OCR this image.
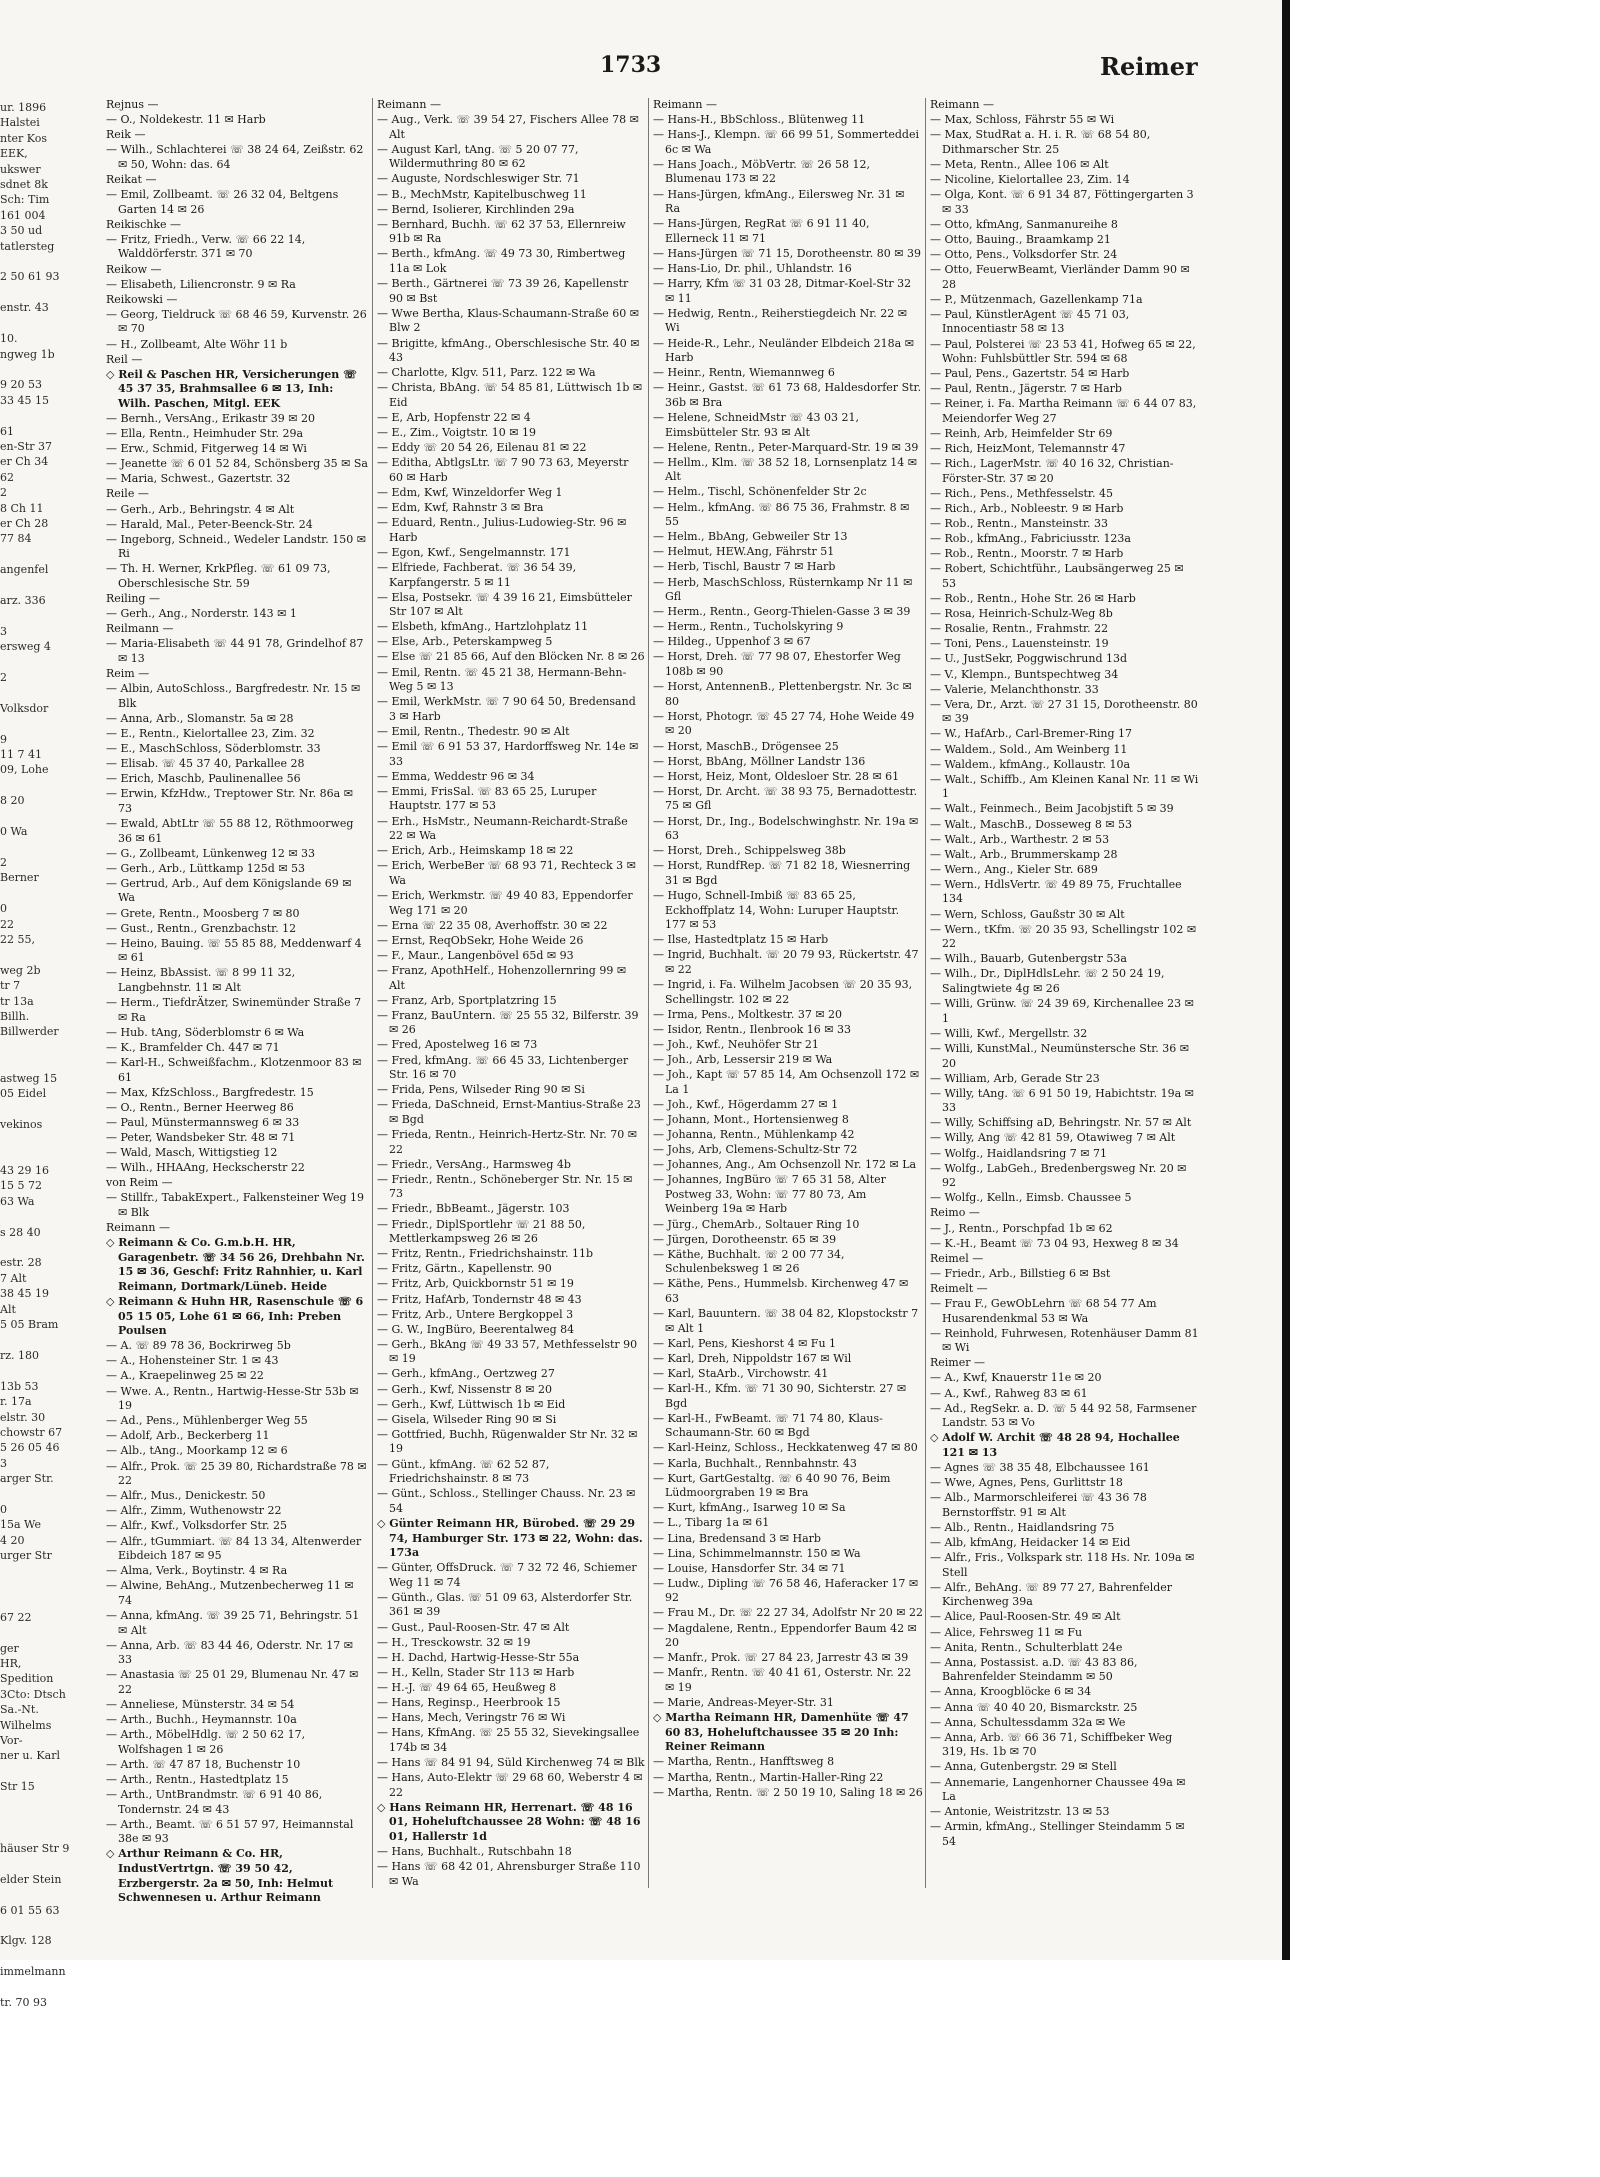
ur. 1896
Halstei
nter Kos
EEK,
ukswer
sdnet 8k
Sch: Tim
161 004
3 50 ud
tatlersteg

2 50 61 93

enstr. 43

10.
ngweg 1b

9 20 53
33 45 15

61
en-Str 37
er Ch 34
62
2
8 Ch 11
er Ch 28
77 84

angenfel

arz. 336

3
ersweg 4

2

Volksdor

9
11 7 41
09, Lohe

8 20

0 Wa

2
Berner

0
22
22 55,

weg 2b
tr 7
tr 13a
Billh.
Billwerder

astweg 15
05 Eidel

vekinos

43 29 16
15 5 72
63 Wa

s 28 40

estr. 28
7 Alt
38 45 19
Alt
5 05 Bram

rz. 180

13b 53
r. 17a
elstr. 30
chowstr 67
5 26 05 46
3
arger Str.

0
15a We
4 20
urger Str

67 22

ger
HR,
Spedition
3Cto: Dtsch
Sa.-Nt.
Wilhelms
Vor-
ner u. Karl

Str 15

häuser Str 9

elder Stein

6 01 55 63

Klgv. 128

immelmann

tr. 70 93
1733	Reimer
Rejnus —
— O., Noldekestr. 11 ✉ Harb
Reik —
— Wilh., Schlachterei ☏ 38 24 64, Zeißstr. 62 ✉ 50, Wohn: das. 64
Reikat —
— Emil, Zollbeamt. ☏ 26 32 04, Beltgens Garten 14 ✉ 26
Reikischke —
— Fritz, Friedh., Verw. ☏ 66 22 14, Walddörferstr. 371 ✉ 70
Reikow —
— Elisabeth, Liliencronstr. 9 ✉ Ra
Reikowski —
— Georg, Tieldruck ☏ 68 46 59, Kurvenstr. 26 ✉ 70
— H., Zollbeamt, Alte Wöhr 11 b
Reil —
◇ Reil & Paschen HR, Versicherungen ☏ 45 37 35, Brahmsallee 6 ✉ 13, Inh: Wilh. Paschen, Mitgl. EEK
— Bernh., VersAng., Erikastr 39 ✉ 20
— Ella, Rentn., Heimhuder Str. 29a
— Erw., Schmid, Fitgerweg 14 ✉ Wi
— Jeanette ☏ 6 01 52 84, Schönsberg 35 ✉ Sa
— Maria, Schwest., Gazertstr. 32
Reile —
— Gerh., Arb., Behringstr. 4 ✉ Alt
— Harald, Mal., Peter-Beenck-Str. 24
— Ingeborg, Schneid., Wedeler Landstr. 150 ✉ Ri
— Th. H. Werner, KrkPfleg. ☏ 61 09 73, Oberschlesische Str. 59
Reiling —
— Gerh., Ang., Norderstr. 143 ✉ 1
Reilmann —
— Maria-Elisabeth ☏ 44 91 78, Grindelhof 87 ✉ 13
Reim —
— Albin, AutoSchloss., Bargfredestr. Nr. 15 ✉ Blk
— Anna, Arb., Slomanstr. 5a ✉ 28
— E., Rentn., Kielortallee 23, Zim. 32
— E., MaschSchloss, Söderblomstr. 33
— Elisab. ☏ 45 37 40, Parkallee 28
— Erich, Maschb, Paulinenallee 56
— Erwin, KfzHdw., Treptower Str. Nr. 86a ✉ 73
— Ewald, AbtLtr ☏ 55 88 12, Röthmoorweg 36 ✉ 61
— G., Zollbeamt, Lünkenweg 12 ✉ 33
— Gerh., Arb., Lüttkamp 125d ✉ 53
— Gertrud, Arb., Auf dem Königslande 69 ✉ Wa
— Grete, Rentn., Moosberg 7 ✉ 80
— Gust., Rentn., Grenzbachstr. 12
— Heino, Bauing. ☏ 55 85 88, Meddenwarf 4 ✉ 61
— Heinz, BbAssist. ☏ 8 99 11 32, Langbehnstr. 11 ✉ Alt
— Herm., TiefdrÄtzer, Swinemünder Straße 7 ✉ Ra
— Hub. tAng, Söderblomstr 6 ✉ Wa
— K., Bramfelder Ch. 447 ✉ 71
— Karl-H., Schweißfachm., Klotzenmoor 83 ✉ 61
— Max, KfzSchloss., Bargfredestr. 15
— O., Rentn., Berner Heerweg 86
— Paul, Münstermannsweg 6 ✉ 33
— Peter, Wandsbeker Str. 48 ✉ 71
— Wald, Masch, Wittigstieg 12
— Wilh., HHAAng, Heckscherstr 22
von Reim —
— Stillfr., TabakExpert., Falkensteiner Weg 19 ✉ Blk
Reimann —
◇ Reimann & Co. G.m.b.H. HR, Garagenbetr. ☏ 34 56 26, Drehbahn Nr. 15 ✉ 36, Geschf: Fritz Rahnhier, u. Karl Reimann, Dortmark/Lüneb. Heide
◇ Reimann & Huhn HR, Rasenschule ☏ 6 05 15 05, Lohe 61 ✉ 66, Inh: Preben Poulsen
— A. ☏ 89 78 36, Bockrirweg 5b
— A., Hohensteiner Str. 1 ✉ 43
— A., Kraepelinweg 25 ✉ 22
— Wwe. A., Rentn., Hartwig-Hesse-Str 53b ✉ 19
— Ad., Pens., Mühlenberger Weg 55
— Adolf, Arb., Beckerberg 11
— Alb., tAng., Moorkamp 12 ✉ 6
— Alfr., Prok. ☏ 25 39 80, Richardstraße 78 ✉ 22
— Alfr., Mus., Denickestr. 50
— Alfr., Zimm, Wuthenowstr 22
— Alfr., Kwf., Volksdorfer Str. 25
— Alfr., tGummiart. ☏ 84 13 34, Altenwerder Eibdeich 187 ✉ 95
— Alma, Verk., Boytinstr. 4 ✉ Ra
— Alwine, BehAng., Mutzenbecherweg 11 ✉ 74
— Anna, kfmAng. ☏ 39 25 71, Behringstr. 51 ✉ Alt
— Anna, Arb. ☏ 83 44 46, Oderstr. Nr. 17 ✉ 33
— Anastasia ☏ 25 01 29, Blumenau Nr. 47 ✉ 22
— Anneliese, Münsterstr. 34 ✉ 54
— Arth., Buchh., Heymannstr. 10a
— Arth., MöbelHdlg. ☏ 2 50 62 17, Wolfshagen 1 ✉ 26
— Arth. ☏ 47 87 18, Buchenstr 10
— Arth., Rentn., Hastedtplatz 15
— Arth., UntBrandmstr. ☏ 6 91 40 86, Tondernstr. 24 ✉ 43
— Arth., Beamt. ☏ 6 51 57 97, Heimannstal 38e ✉ 93
◇ Arthur Reimann & Co. HR, IndustVertrtgn. ☏ 39 50 42, Erzbergerstr. 2a ✉ 50, Inh: Helmut Schwennesen u. Arthur Reimann
Reimann —
— Aug., Verk. ☏ 39 54 27, Fischers Allee 78 ✉ Alt
— August Karl, tAng. ☏ 5 20 07 77, Wildermuthring 80 ✉ 62
— Auguste, Nordschleswiger Str. 71
— B., MechMstr, Kapitelbuschweg 11
— Bernd, Isolierer, Kirchlinden 29a
— Bernhard, Buchh. ☏ 62 37 53, Ellernreiw 91b ✉ Ra
— Berth., kfmAng. ☏ 49 73 30, Rimbertweg 11a ✉ Lok
— Berth., Gärtnerei ☏ 73 39 26, Kapellenstr 90 ✉ Bst
— Wwe Bertha, Klaus-Schaumann-Straße 60 ✉ Blw 2
— Brigitte, kfmAng., Oberschlesische Str. 40 ✉ 43
— Charlotte, Klgv. 511, Parz. 122 ✉ Wa
— Christa, BbAng. ☏ 54 85 81, Lüttwisch 1b ✉ Eid
— E, Arb, Hopfenstr 22 ✉ 4
— E., Zim., Voigtstr. 10 ✉ 19
— Eddy ☏ 20 54 26, Eilenau 81 ✉ 22
— Editha, AbtlgsLtr. ☏ 7 90 73 63, Meyerstr 60 ✉ Harb
— Edm, Kwf, Winzeldorfer Weg 1
— Edm, Kwf, Rahnstr 3 ✉ Bra
— Eduard, Rentn., Julius-Ludowieg-Str. 96 ✉ Harb
— Egon, Kwf., Sengelmannstr. 171
— Elfriede, Fachberat. ☏ 36 54 39, Karpfangerstr. 5 ✉ 11
— Elsa, Postsekr. ☏ 4 39 16 21, Eimsbütteler Str 107 ✉ Alt
— Elsbeth, kfmAng., Hartzlohplatz 11
— Else, Arb., Peterskampweg 5
— Else ☏ 21 85 66, Auf den Blöcken Nr. 8 ✉ 26
— Emil, Rentn. ☏ 45 21 38, Hermann-Behn-Weg 5 ✉ 13
— Emil, WerkMstr. ☏ 7 90 64 50, Bredensand 3 ✉ Harb
— Emil, Rentn., Thedestr. 90 ✉ Alt
— Emil ☏ 6 91 53 37, Hardorffsweg Nr. 14e ✉ 33
— Emma, Weddestr 96 ✉ 34
— Emmi, FrisSal. ☏ 83 65 25, Luruper Hauptstr. 177 ✉ 53
— Erh., HsMstr., Neumann-Reichardt-Straße 22 ✉ Wa
— Erich, Arb., Heimskamp 18 ✉ 22
— Erich, WerbeBer ☏ 68 93 71, Rechteck 3 ✉ Wa
— Erich, Werkmstr. ☏ 49 40 83, Eppendorfer Weg 171 ✉ 20
— Erna ☏ 22 35 08, Averhoffstr. 30 ✉ 22
— Ernst, ReqObSekr, Hohe Weide 26
— F., Maur., Langenbövel 65d ✉ 93
— Franz, ApothHelf., Hohenzollernring 99 ✉ Alt
— Franz, Arb, Sportplatzring 15
— Franz, BauUntern. ☏ 25 55 32, Bilferstr. 39 ✉ 26
— Fred, Apostelweg 16 ✉ 73
— Fred, kfmAng. ☏ 66 45 33, Lichtenberger Str. 16 ✉ 70
— Frida, Pens, Wilseder Ring 90 ✉ Si
— Frieda, DaSchneid, Ernst-Mantius-Straße 23 ✉ Bgd
— Frieda, Rentn., Heinrich-Hertz-Str. Nr. 70 ✉ 22
— Friedr., VersAng., Harmsweg 4b
— Friedr., Rentn., Schöneberger Str. Nr. 15 ✉ 73
— Friedr., BbBeamt., Jägerstr. 103
— Friedr., DiplSportlehr ☏ 21 88 50, Mettlerkampsweg 26 ✉ 26
— Fritz, Rentn., Friedrichshainstr. 11b
— Fritz, Gärtn., Kapellenstr. 90
— Fritz, Arb, Quickbornstr 51 ✉ 19
— Fritz, HafArb, Tondernstr 48 ✉ 43
— Fritz, Arb., Untere Bergkoppel 3
— G. W., IngBüro, Beerentalweg 84
— Gerh., BkAng ☏ 49 33 57, Methfesselstr 90 ✉ 19
— Gerh., kfmAng., Oertzweg 27
— Gerh., Kwf, Nissenstr 8 ✉ 20
— Gerh., Kwf, Lüttwisch 1b ✉ Eid
— Gisela, Wilseder Ring 90 ✉ Si
— Gottfried, Buchh, Rügenwalder Str Nr. 32 ✉ 19
— Günt., kfmAng. ☏ 62 52 87, Friedrichshainstr. 8 ✉ 73
— Günt., Schloss., Stellinger Chauss. Nr. 23 ✉ 54
◇ Günter Reimann HR, Bürobed. ☏ 29 29 74, Hamburger Str. 173 ✉ 22, Wohn: das. 173a
— Günter, OffsDruck. ☏ 7 32 72 46, Schiemer Weg 11 ✉ 74
— Günth., Glas. ☏ 51 09 63, Alsterdorfer Str. 361 ✉ 39
— Gust., Paul-Roosen-Str. 47 ✉ Alt
— H., Tresckowstr. 32 ✉ 19
— H. Dachd, Hartwig-Hesse-Str 55a
— H., Kelln, Stader Str 113 ✉ Harb
— H.-J. ☏ 49 64 65, Heußweg 8
— Hans, Reginsp., Heerbrook 15
— Hans, Mech, Veringstr 76 ✉ Wi
— Hans, KfmAng. ☏ 25 55 32, Sievekingsallee 174b ✉ 34
— Hans ☏ 84 91 94, Süld Kirchenweg 74 ✉ Blk
— Hans, Auto-Elektr ☏ 29 68 60, Weberstr 4 ✉ 22
◇ Hans Reimann HR, Herrenart. ☏ 48 16 01, Hoheluftchaussee 28 Wohn: ☏ 48 16 01, Hallerstr 1d
— Hans, Buchhalt., Rutschbahn 18
— Hans ☏ 68 42 01, Ahrensburger Straße 110 ✉ Wa
Reimann —
— Hans-H., BbSchloss., Blütenweg 11
— Hans-J., Klempn. ☏ 66 99 51, Sommerteddei 6c ✉ Wa
— Hans Joach., MöbVertr. ☏ 26 58 12, Blumenau 173 ✉ 22
— Hans-Jürgen, kfmAng., Eilersweg Nr. 31 ✉ Ra
— Hans-Jürgen, RegRat ☏ 6 91 11 40, Ellerneck 11 ✉ 71
— Hans-Jürgen ☏ 71 15, Dorotheenstr. 80 ✉ 39
— Hans-Lio, Dr. phil., Uhlandstr. 16
— Harry, Kfm ☏ 31 03 28, Ditmar-Koel-Str 32 ✉ 11
— Hedwig, Rentn., Reiherstiegdeich Nr. 22 ✉ Wi
— Heide-R., Lehr., Neuländer Elbdeich 218a ✉ Harb
— Heinr., Rentn, Wiemannweg 6
— Heinr., Gastst. ☏ 61 73 68, Haldesdorfer Str. 36b ✉ Bra
— Helene, SchneidMstr ☏ 43 03 21, Eimsbütteler Str. 93 ✉ Alt
— Helene, Rentn., Peter-Marquard-Str. 19 ✉ 39
— Hellm., Klm. ☏ 38 52 18, Lornsenplatz 14 ✉ Alt
— Helm., Tischl, Schönenfelder Str 2c
— Helm., kfmAng. ☏ 86 75 36, Frahmstr. 8 ✉ 55
— Helm., BbAng, Gebweiler Str 13
— Helmut, HEW.Ang, Fährstr 51
— Herb, Tischl, Baustr 7 ✉ Harb
— Herb, MaschSchloss, Rüsternkamp Nr 11 ✉ Gfl
— Herm., Rentn., Georg-Thielen-Gasse 3 ✉ 39
— Herm., Rentn., Tucholskyring 9
— Hildeg., Uppenhof 3 ✉ 67
— Horst, Dreh. ☏ 77 98 07, Ehestorfer Weg 108b ✉ 90
— Horst, AntennenB., Plettenbergstr. Nr. 3c ✉ 80
— Horst, Photogr. ☏ 45 27 74, Hohe Weide 49 ✉ 20
— Horst, MaschB., Drögensee 25
— Horst, BbAng, Möllner Landstr 136
— Horst, Heiz, Mont, Oldesloer Str. 28 ✉ 61
— Horst, Dr. Archt. ☏ 38 93 75, Bernadottestr. 75 ✉ Gfl
— Horst, Dr., Ing., Bodelschwinghstr. Nr. 19a ✉ 63
— Horst, Dreh., Schippelsweg 38b
— Horst, RundfRep. ☏ 71 82 18, Wiesnerring 31 ✉ Bgd
— Hugo, Schnell-Imbiß ☏ 83 65 25, Eckhoffplatz 14, Wohn: Luruper Hauptstr. 177 ✉ 53
— Ilse, Hastedtplatz 15 ✉ Harb
— Ingrid, Buchhalt. ☏ 20 79 93, Rückertstr. 47 ✉ 22
— Ingrid, i. Fa. Wilhelm Jacobsen ☏ 20 35 93, Schellingstr. 102 ✉ 22
— Irma, Pens., Moltkestr. 37 ✉ 20
— Isidor, Rentn., Ilenbrook 16 ✉ 33
— Joh., Kwf., Neuhöfer Str 21
— Joh., Arb, Lessersir 219 ✉ Wa
— Joh., Kapt ☏ 57 85 14, Am Ochsenzoll 172 ✉ La 1
— Joh., Kwf., Högerdamm 27 ✉ 1
— Johann, Mont., Hortensienweg 8
— Johanna, Rentn., Mühlenkamp 42
— Johs, Arb, Clemens-Schultz-Str 72
— Johannes, Ang., Am Ochsenzoll Nr. 172 ✉ La
— Johannes, IngBüro ☏ 7 65 31 58, Alter Postweg 33, Wohn: ☏ 77 80 73, Am Weinberg 19a ✉ Harb
— Jürg., ChemArb., Soltauer Ring 10
— Jürgen, Dorotheenstr. 65 ✉ 39
— Käthe, Buchhalt. ☏ 2 00 77 34, Schulenbeksweg 1 ✉ 26
— Käthe, Pens., Hummelsb. Kirchenweg 47 ✉ 63
— Karl, Bauuntern. ☏ 38 04 82, Klopstockstr 7 ✉ Alt 1
— Karl, Pens, Kieshorst 4 ✉ Fu 1
— Karl, Dreh, Nippoldstr 167 ✉ Wil
— Karl, StaArb., Virchowstr. 41
— Karl-H., Kfm. ☏ 71 30 90, Sichterstr. 27 ✉ Bgd
— Karl-H., FwBeamt. ☏ 71 74 80, Klaus-Schaumann-Str. 60 ✉ Bgd
— Karl-Heinz, Schloss., Heckkatenweg 47 ✉ 80
— Karla, Buchhalt., Rennbahnstr. 43
— Kurt, GartGestaltg. ☏ 6 40 90 76, Beim Lüdmoorgraben 19 ✉ Bra
— Kurt, kfmAng., Isarweg 10 ✉ Sa
— L., Tibarg 1a ✉ 61
— Lina, Bredensand 3 ✉ Harb
— Lina, Schimmelmannstr. 150 ✉ Wa
— Louise, Hansdorfer Str. 34 ✉ 71
— Ludw., Dipling ☏ 76 58 46, Haferacker 17 ✉ 92
— Frau M., Dr. ☏ 22 27 34, Adolfstr Nr 20 ✉ 22
— Magdalene, Rentn., Eppendorfer Baum 42 ✉ 20
— Manfr., Prok. ☏ 27 84 23, Jarrestr 43 ✉ 39
— Manfr., Rentn. ☏ 40 41 61, Osterstr. Nr. 22 ✉ 19
— Marie, Andreas-Meyer-Str. 31
◇ Martha Reimann HR, Damenhüte ☏ 47 60 83, Hoheluftchaussee 35 ✉ 20 Inh: Reiner Reimann
— Martha, Rentn., Hanfftsweg 8
— Martha, Rentn., Martin-Haller-Ring 22
— Martha, Rentn. ☏ 2 50 19 10, Saling 18 ✉ 26
Reimann —
— Max, Schloss, Fährstr 55 ✉ Wi
— Max, StudRat a. H. i. R. ☏ 68 54 80, Dithmarscher Str. 25
— Meta, Rentn., Allee 106 ✉ Alt
— Nicoline, Kielortallee 23, Zim. 14
— Olga, Kont. ☏ 6 91 34 87, Föttingergarten 3 ✉ 33
— Otto, kfmAng, Sanmanureihe 8
— Otto, Bauing., Braamkamp 21
— Otto, Pens., Volksdorfer Str. 24
— Otto, FeuerwBeamt, Vierländer Damm 90 ✉ 28
— P., Mützenmach, Gazellenkamp 71a
— Paul, KünstlerAgent ☏ 45 71 03, Innocentiastr 58 ✉ 13
— Paul, Polsterei ☏ 23 53 41, Hofweg 65 ✉ 22, Wohn: Fuhlsbüttler Str. 594 ✉ 68
— Paul, Pens., Gazertstr. 54 ✉ Harb
— Paul, Rentn., Jägerstr. 7 ✉ Harb
— Reiner, i. Fa. Martha Reimann ☏ 6 44 07 83, Meiendorfer Weg 27
— Reinh, Arb, Heimfelder Str 69
— Rich, HeizMont, Telemannstr 47
— Rich., LagerMstr. ☏ 40 16 32, Christian-Förster-Str. 37 ✉ 20
— Rich., Pens., Methfesselstr. 45
— Rich., Arb., Nobleestr. 9 ✉ Harb
— Rob., Rentn., Mansteinstr. 33
— Rob., kfmAng., Fabriciusstr. 123a
— Rob., Rentn., Moorstr. 7 ✉ Harb
— Robert, Schichtführ., Laubsängerweg 25 ✉ 53
— Rob., Rentn., Hohe Str. 26 ✉ Harb
— Rosa, Heinrich-Schulz-Weg 8b
— Rosalie, Rentn., Frahmstr. 22
— Toni, Pens., Lauensteinstr. 19
— U., JustSekr, Poggwischrund 13d
— V., Klempn., Buntspechtweg 34
— Valerie, Melanchthonstr. 33
— Vera, Dr., Arzt. ☏ 27 31 15, Dorotheenstr. 80 ✉ 39
— W., HafArb., Carl-Bremer-Ring 17
— Waldem., Sold., Am Weinberg 11
— Waldem., kfmAng., Kollaustr. 10a
— Walt., Schiffb., Am Kleinen Kanal Nr. 11 ✉ Wi 1
— Walt., Feinmech., Beim Jacobjstift 5 ✉ 39
— Walt., MaschB., Dosseweg 8 ✉ 53
— Walt., Arb., Warthestr. 2 ✉ 53
— Walt., Arb., Brummerskamp 28
— Wern., Ang., Kieler Str. 689
— Wern., HdlsVertr. ☏ 49 89 75, Fruchtallee 134
— Wern, Schloss, Gaußstr 30 ✉ Alt
— Wern., tKfm. ☏ 20 35 93, Schellingstr 102 ✉ 22
— Wilh., Bauarb, Gutenbergstr 53a
— Wilh., Dr., DiplHdlsLehr. ☏ 2 50 24 19, Salingtwiete 4g ✉ 26
— Willi, Grünw. ☏ 24 39 69, Kirchenallee 23 ✉ 1
— Willi, Kwf., Mergellstr. 32
— Willi, KunstMal., Neumünstersche Str. 36 ✉ 20
— William, Arb, Gerade Str 23
— Willy, tAng. ☏ 6 91 50 19, Habichtstr. 19a ✉ 33
— Willy, Schiffsing aD, Behringstr. Nr. 57 ✉ Alt
— Willy, Ang ☏ 42 81 59, Otawiweg 7 ✉ Alt
— Wolfg., Haidlandsring 7 ✉ 71
— Wolfg., LabGeh., Bredenbergsweg Nr. 20 ✉ 92
— Wolfg., Kelln., Eimsb. Chaussee 5
Reimo —
— J., Rentn., Porschpfad 1b ✉ 62
— K.-H., Beamt ☏ 73 04 93, Hexweg 8 ✉ 34
Reimel —
— Friedr., Arb., Billstieg 6 ✉ Bst
Reimelt —
— Frau F., GewObLehrn ☏ 68 54 77 Am Husarendenkmal 53 ✉ Wa
— Reinhold, Fuhrwesen, Rotenhäuser Damm 81 ✉ Wi
Reimer —
— A., Kwf, Knauerstr 11e ✉ 20
— A., Kwf., Rahweg 83 ✉ 61
— Ad., RegSekr. a. D. ☏ 5 44 92 58, Farmsener Landstr. 53 ✉ Vo
◇ Adolf W. Archit ☏ 48 28 94, Hochallee 121 ✉ 13
— Agnes ☏ 38 35 48, Elbchaussee 161
— Wwe, Agnes, Pens, Gurlittstr 18
— Alb., Marmorschleiferei ☏ 43 36 78 Bernstorffstr. 91 ✉ Alt
— Alb., Rentn., Haidlandsring 75
— Alb, kfmAng, Heidacker 14 ✉ Eid
— Alfr., Fris., Volkspark str. 118 Hs. Nr. 109a ✉ Stell
— Alfr., BehAng. ☏ 89 77 27, Bahrenfelder Kirchenweg 39a
— Alice, Paul-Roosen-Str. 49 ✉ Alt
— Alice, Fehrsweg 11 ✉ Fu
— Anita, Rentn., Schulterblatt 24e
— Anna, Postassist. a.D. ☏ 43 83 86, Bahrenfelder Steindamm ✉ 50
— Anna, Kroogblöcke 6 ✉ 34
— Anna ☏ 40 40 20, Bismarckstr. 25
— Anna, Schultessdamm 32a ✉ We
— Anna, Arb. ☏ 66 36 71, Schiffbeker Weg 319, Hs. 1b ✉ 70
— Anna, Gutenbergstr. 29 ✉ Stell
— Annemarie, Langenhorner Chaussee 49a ✉ La
— Antonie, Weistritzstr. 13 ✉ 53
— Armin, kfmAng., Stellinger Steindamm 5 ✉ 54
